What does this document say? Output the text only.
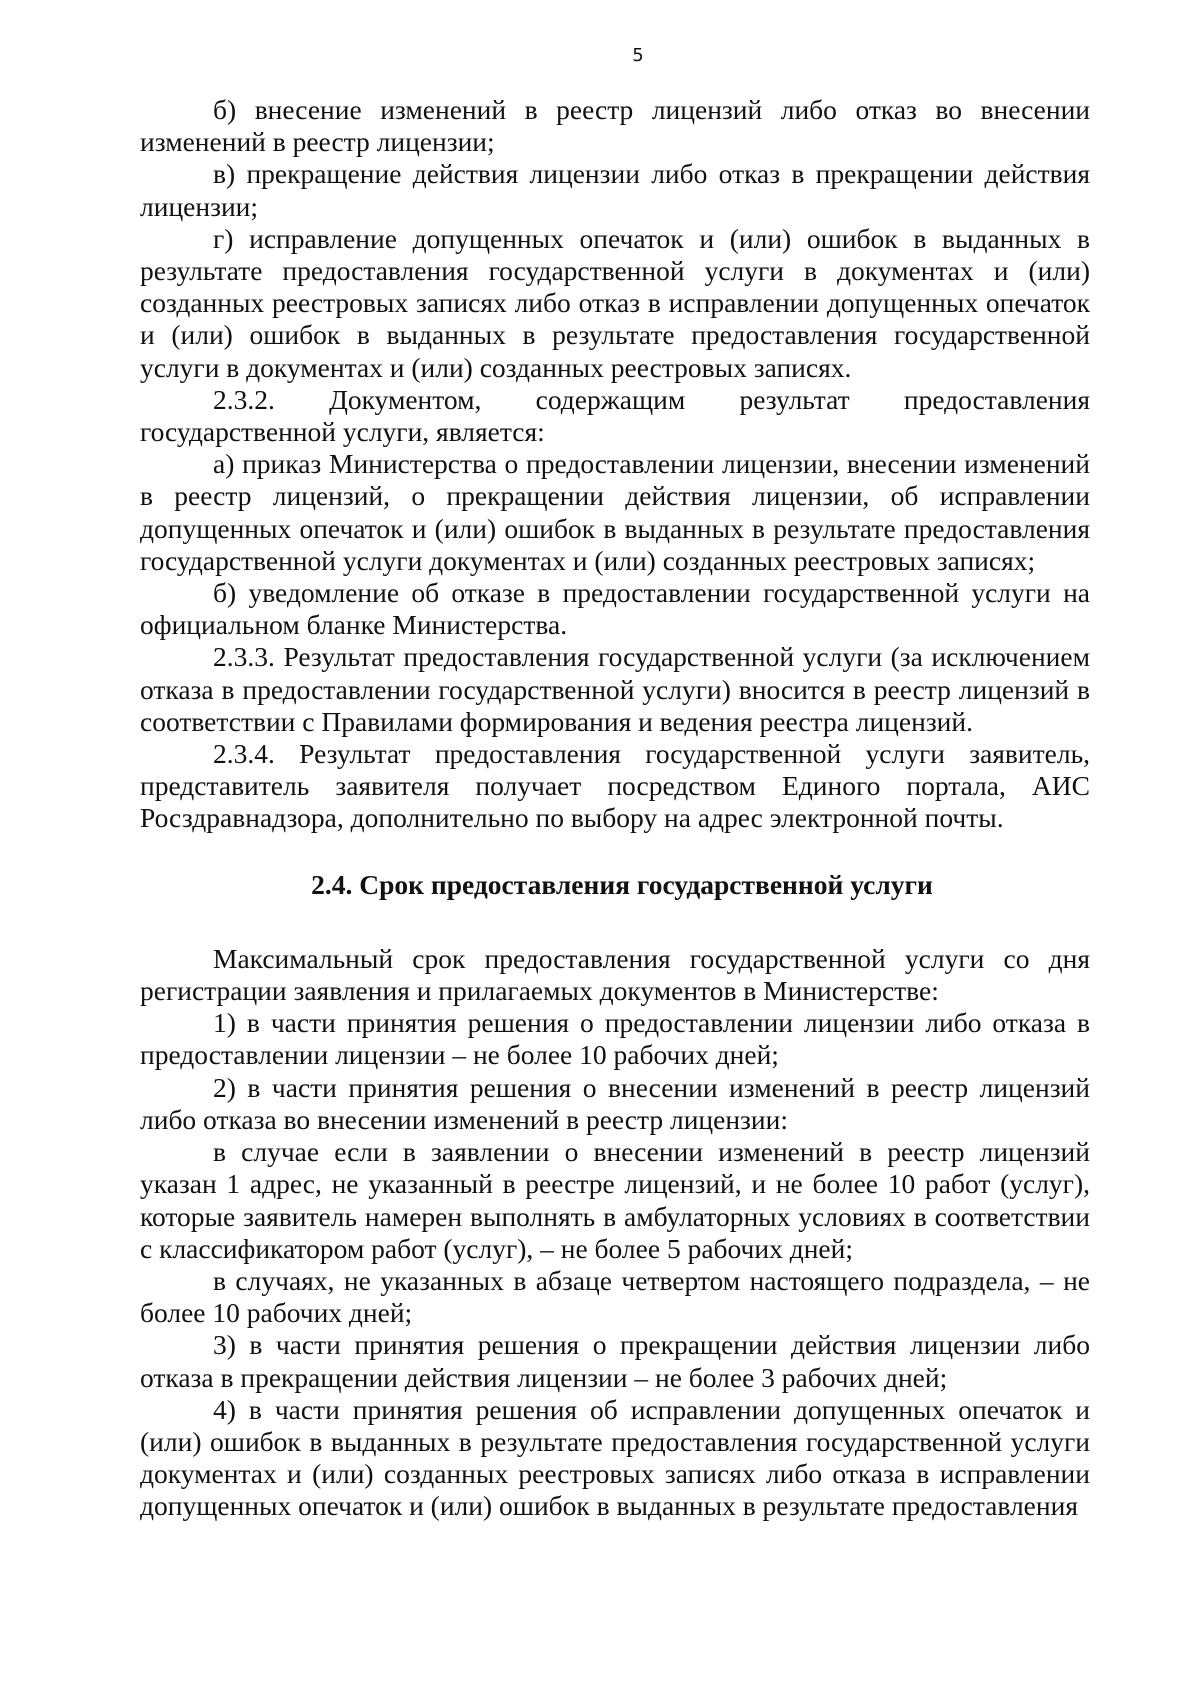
5

б) внесение изменений в реестр лицензий либо отказ во внесении изменений в реестр лицензии;

в) прекращение действия лицензии либо отказ в прекращении действия лицензии;

г) исправление допущенных опечаток и (или) ошибок в выданных в результате предоставления государственной услуги в документах и (или) созданных реестровых записях либо отказ в исправлении допущенных опечаток и (или) ошибок в выданных в результате предоставления государственной услуги в документах и (или) созданных реестровых записях.

2.3.2. Документом, содержащим результат предоставления государственной услуги, является:

а) приказ Министерства о предоставлении лицензии, внесении изменений в реестр лицензий, о прекращении действия лицензии, об исправлении допущенных опечаток и (или) ошибок в выданных в результате предоставления государственной услуги документах и (или) созданных реестровых записях;

б) уведомление об отказе в предоставлении государственной услуги на официальном бланке Министерства.

2.3.3. Результат предоставления государственной услуги (за исключением отказа в предоставлении государственной услуги) вносится в реестр лицензий в соответствии с Правилами формирования и ведения реестра лицензий.

2.3.4. Результат предоставления государственной услуги заявитель, представитель заявителя получает посредством Единого портала, АИС Росздравнадзора, дополнительно по выбору на адрес электронной почты.

2.4. Срок предоставления государственной услуги

Максимальный срок предоставления государственной услуги со дня регистрации заявления и прилагаемых документов в Министерстве:

1) в части принятия решения о предоставлении лицензии либо отказа в предоставлении лицензии – не более 10 рабочих дней;

2) в части принятия решения о внесении изменений в реестр лицензий либо отказа во внесении изменений в реестр лицензии:

в случае если в заявлении о внесении изменений в реестр лицензий указан 1 адрес, не указанный в реестре лицензий, и не более 10 работ (услуг), которые заявитель намерен выполнять в амбулаторных условиях в соответствии с классификатором работ (услуг), – не более 5 рабочих дней;

в случаях, не указанных в абзаце четвертом настоящего подраздела, – не более 10 рабочих дней;

3) в части принятия решения о прекращении действия лицензии либо отказа в прекращении действия лицензии – не более 3 рабочих дней;

4) в части принятия решения об исправлении допущенных опечаток и (или) ошибок в выданных в результате предоставления государственной услуги документах и (или) созданных реестровых записях либо отказа в исправлении допущенных опечаток и (или) ошибок в выданных в результате предоставления
